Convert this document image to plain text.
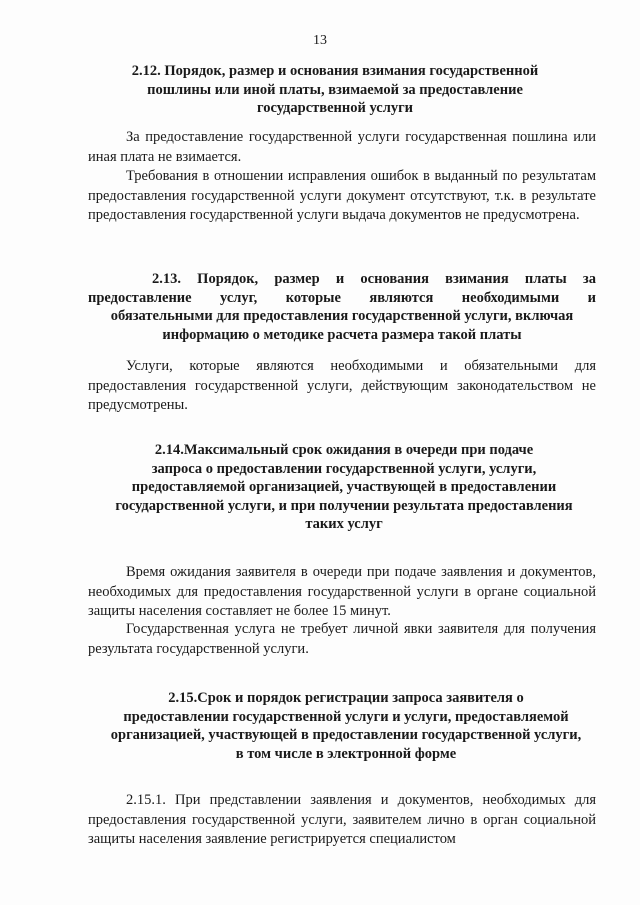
13
2.12. Порядок, размер и основания взимания государственной
пошлины или иной платы, взимаемой за предоставление
государственной услуги
За предоставление государственной услуги государственная пошлина или иная плата не взимается.
Требования в отношении исправления ошибок в выданный по результатам предоставления государственной услуги документ отсутствуют, т.к. в результате предоставления государственной услуги выдача документов не предусмотрена.
2.13. Порядок, размер и основания взимания платы за
предоставление услуг, которые являются необходимыми и
обязательными для предоставления государственной услуги, включая
информацию о методике расчета размера такой платы
Услуги, которые являются необходимыми и обязательными для предоставления государственной услуги, действующим законодательством не предусмотрены.
2.14.Максимальный срок ожидания в очереди при подаче
запроса о предоставлении государственной услуги, услуги,
предоставляемой организацией, участвующей в предоставлении
государственной услуги, и при получении результата предоставления
таких услуг
Время ожидания заявителя в очереди при подаче заявления и документов, необходимых для предоставления государственной услуги в органе социальной защиты населения составляет не более 15 минут.
Государственная услуга не требует личной явки заявителя для получения результата государственной услуги.
2.15.Срок и порядок регистрации запроса заявителя о
предоставлении государственной услуги и услуги, предоставляемой
организацией, участвующей в предоставлении государственной услуги,
в том числе в электронной форме
2.15.1. При представлении заявления и документов, необходимых для предоставления государственной услуги, заявителем лично в орган социальной защиты населения заявление регистрируется специалистом
